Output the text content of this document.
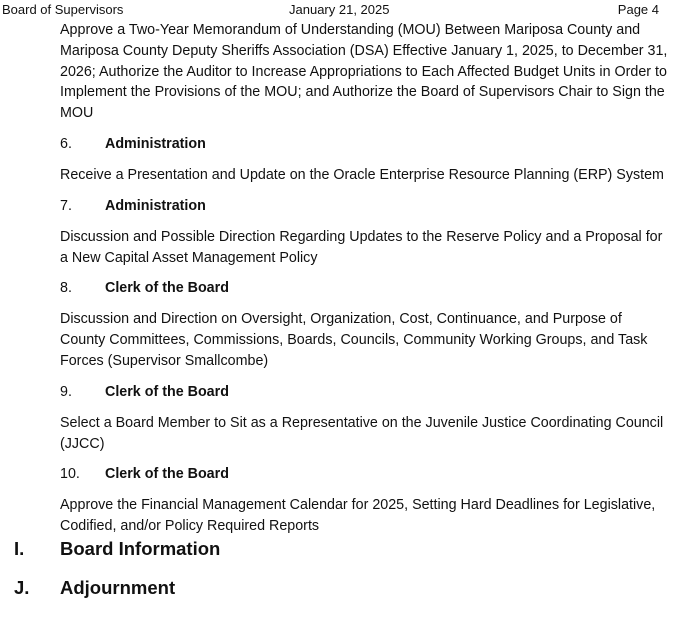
Board of Supervisors	January 21, 2025	Page 4

Approve a Two-Year Memorandum of Understanding (MOU) Between Mariposa County and Mariposa County Deputy Sheriffs Association (DSA) Effective January 1, 2025, to December 31, 2026; Authorize the Auditor to Increase Appropriations to Each Affected Budget Units in Order to Implement the Provisions of the MOU; and Authorize the Board of Supervisors Chair to Sign the MOU

6.	Administration

Receive a Presentation and Update on the Oracle Enterprise Resource Planning (ERP) System

7.	Administration

Discussion and Possible Direction Regarding Updates to the Reserve Policy and a Proposal for a New Capital Asset Management Policy

8.	Clerk of the Board

Discussion and Direction on Oversight, Organization, Cost, Continuance, and Purpose of County Committees, Commissions, Boards, Councils, Community Working Groups, and Task Forces (Supervisor Smallcombe)

9.	Clerk of the Board

Select a Board Member to Sit as a Representative on the Juvenile Justice Coordinating Council (JJCC)

10.	Clerk of the Board

Approve the Financial Management Calendar for 2025, Setting Hard Deadlines for Legislative, Codified, and/or Policy Required Reports

I.	Board Information
J.	Adjournment
